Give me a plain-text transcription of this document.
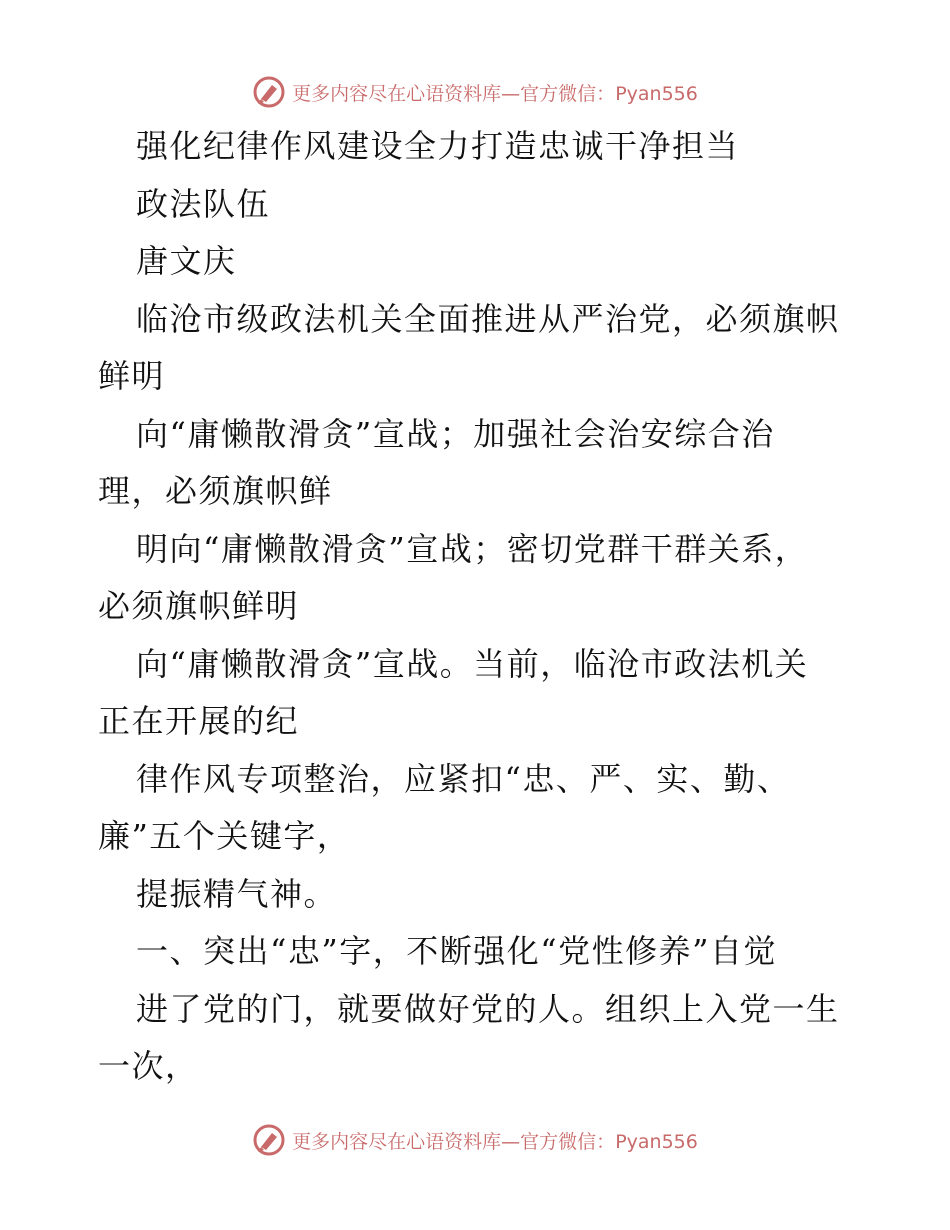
更多内容尽在心语资料库—官方微信：Pyan556
强化纪律作风建设全力打造忠诚干净担当
政法队伍
唐文庆
临沧市级政法机关全面推进从严治党，必须旗帜
鲜明
向“庸懒散滑贪”宣战；加强社会治安综合治
理，必须旗帜鲜
明向“庸懒散滑贪”宣战；密切党群干群关系，
必须旗帜鲜明
向“庸懒散滑贪”宣战。当前，临沧市政法机关
正在开展的纪
律作风专项整治，应紧扣“忠、严、实、勤、
廉”五个关键字，
提振精气神。
一、突出“忠”字，不断强化“党性修养”自觉
进了党的门，就要做好党的人。组织上入党一生
一次，
更多内容尽在心语资料库—官方微信：Pyan556
